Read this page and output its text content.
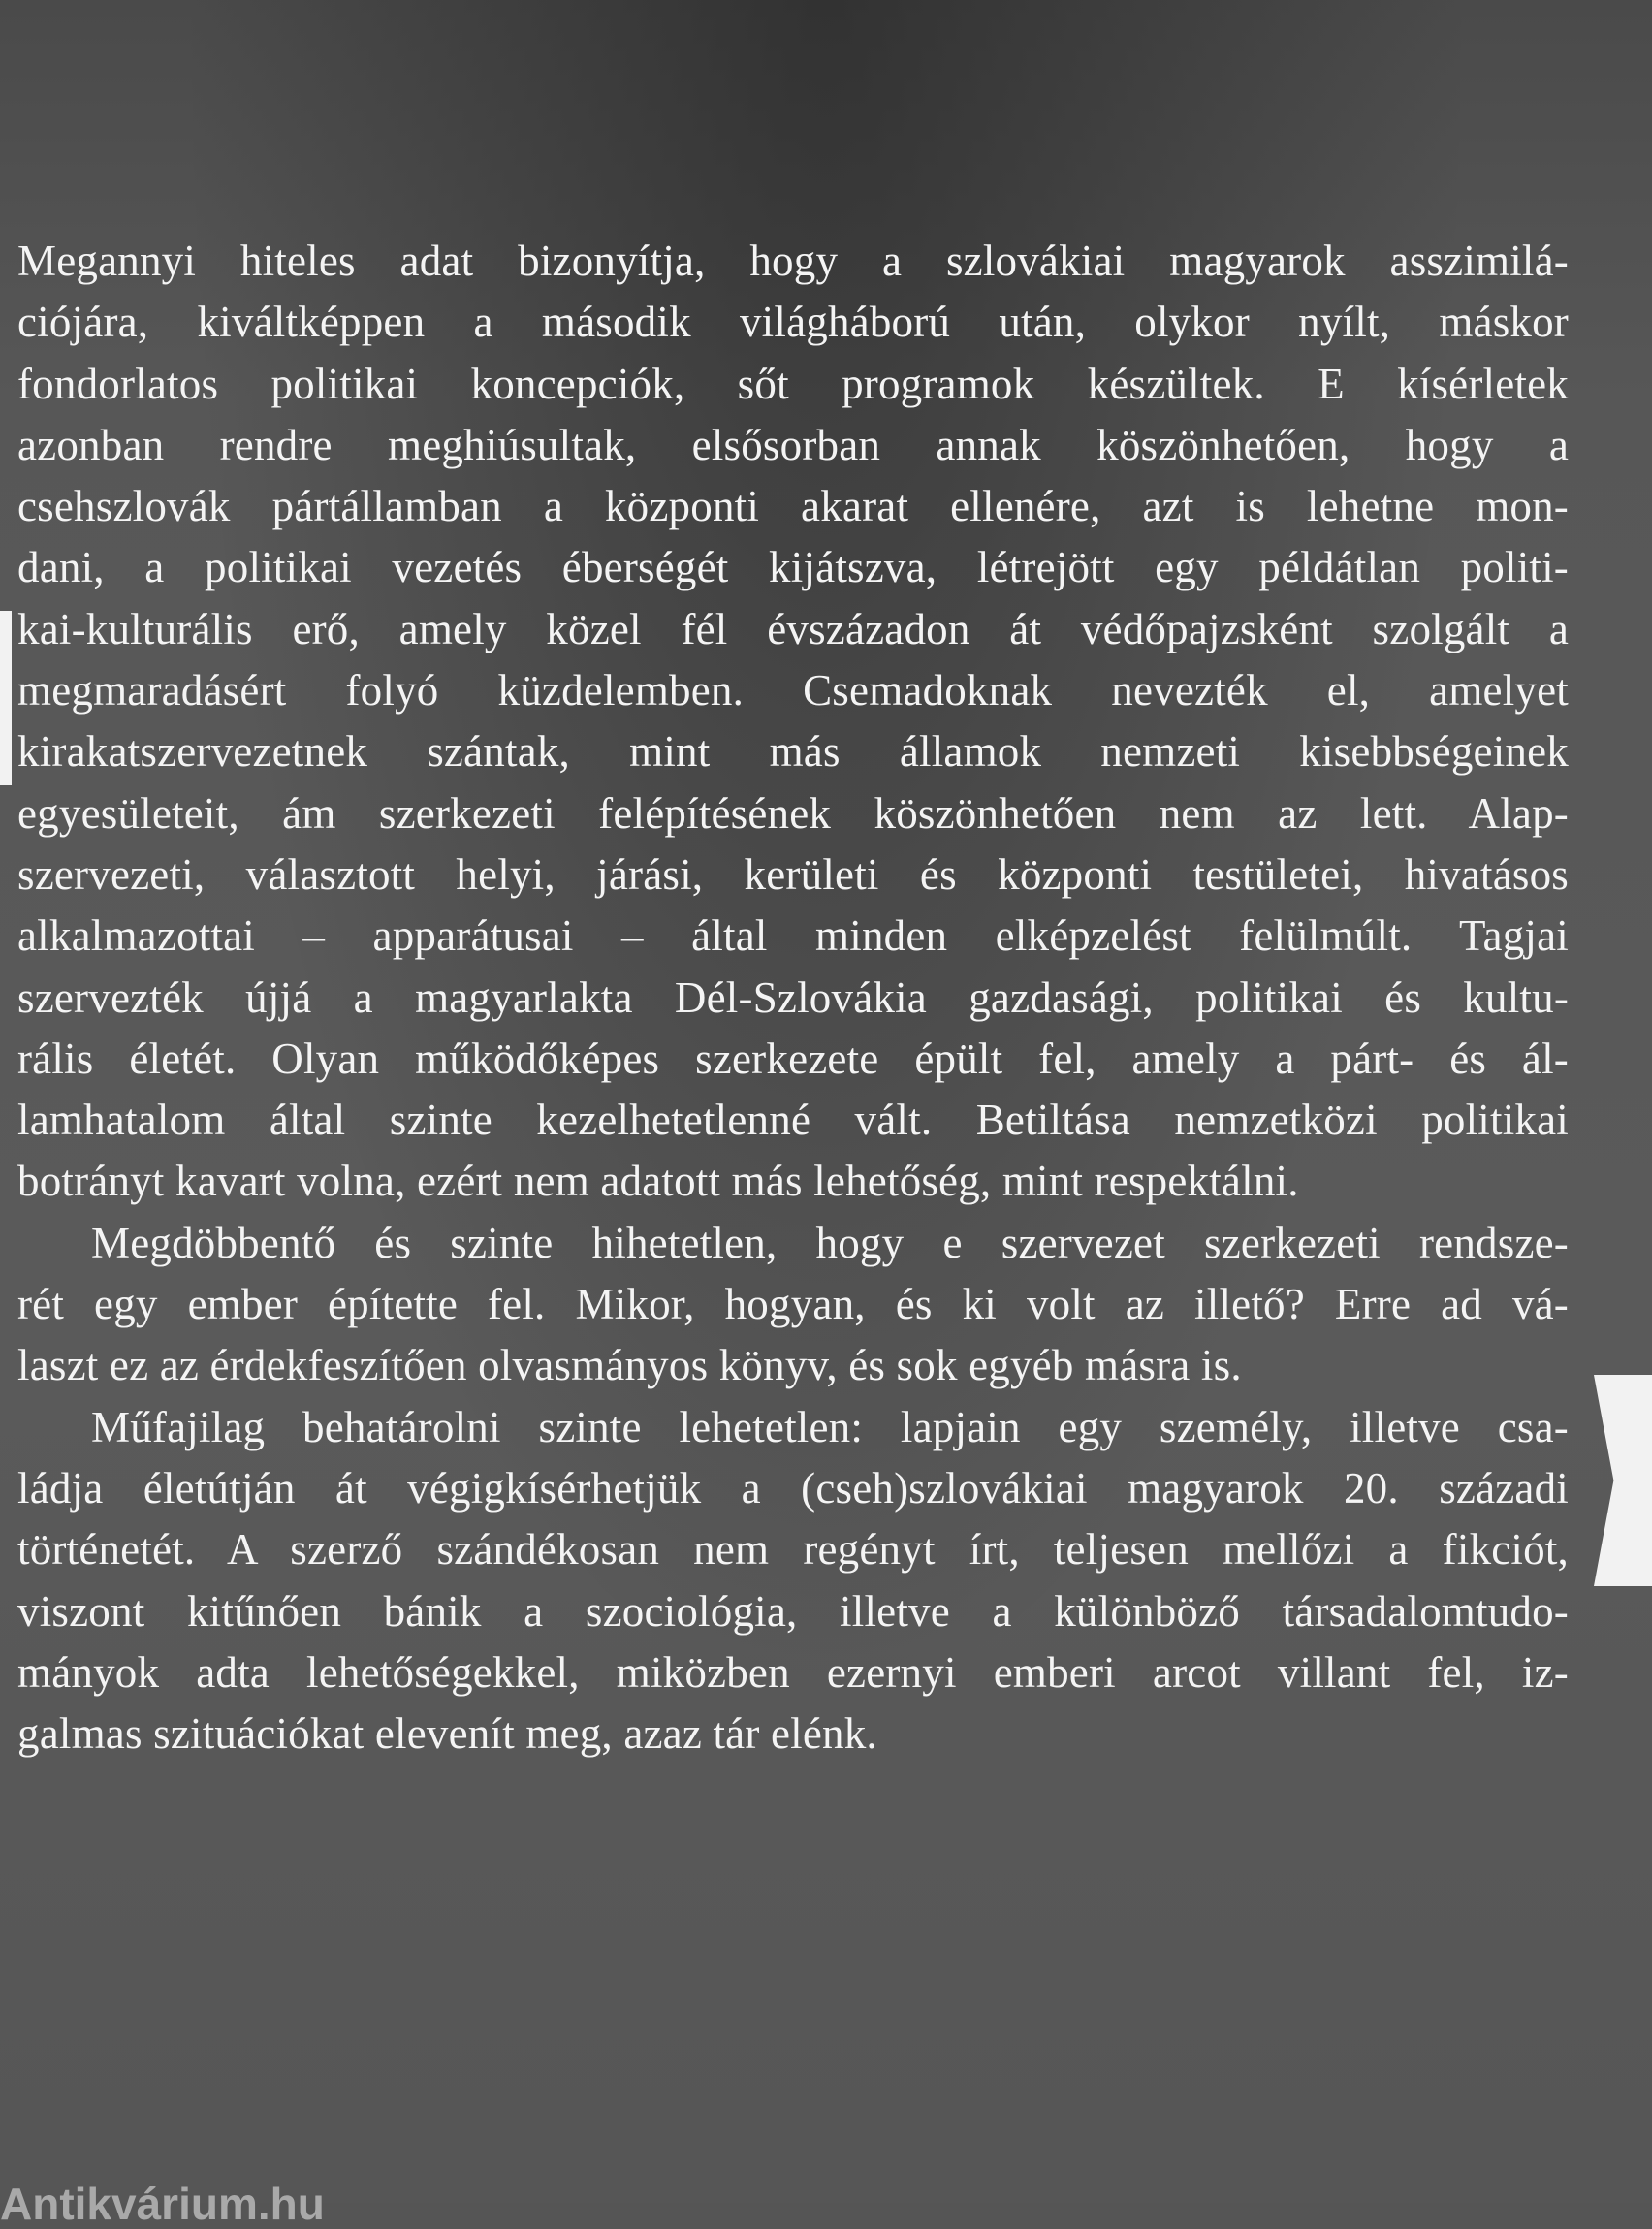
Megannyi hiteles adat bizonyítja, hogy a szlovákiai magyarok asszimilá-
ciójára, kiváltképpen a második világháború után, olykor nyílt, máskor
fondorlatos politikai koncepciók, sőt programok készültek. E kísérletek
azonban rendre meghiúsultak, elsősorban annak köszönhetően, hogy a
csehszlovák pártállamban a központi akarat ellenére, azt is lehetne mon-
dani, a politikai vezetés éberségét kijátszva, létrejött egy példátlan politi-
kai-kulturális erő, amely közel fél évszázadon át védőpajzsként szolgált a
megmaradásért folyó küzdelemben. Csemadoknak nevezték el, amelyet
kirakatszervezetnek szántak, mint más államok nemzeti kisebbségeinek
egyesületeit, ám szerkezeti felépítésének köszönhetően nem az lett. Alap-
szervezeti, választott helyi, járási, kerületi és központi testületei, hivatásos
alkalmazottai – apparátusai – által minden elképzelést felülmúlt. Tagjai
szervezték újjá a magyarlakta Dél-Szlovákia gazdasági, politikai és kultu-
rális életét. Olyan működőképes szerkezete épült fel, amely a párt- és ál-
lamhatalom által szinte kezelhetetlenné vált. Betiltása nemzetközi politikai
botrányt kavart volna, ezért nem adatott más lehetőség, mint respektálni.
Megdöbbentő és szinte hihetetlen, hogy e szervezet szerkezeti rendsze-
rét egy ember építette fel. Mikor, hogyan, és ki volt az illető? Erre ad vá-
laszt ez az érdekfeszítően olvasmányos könyv, és sok egyéb másra is.
Műfajilag behatárolni szinte lehetetlen: lapjain egy személy, illetve csa-
ládja életútján át végigkísérhetjük a (cseh)szlovákiai magyarok 20. századi
történetét. A szerző szándékosan nem regényt írt, teljesen mellőzi a fikciót,
viszont kitűnően bánik a szociológia, illetve a különböző társadalomtudo-
mányok adta lehetőségekkel, miközben ezernyi emberi arcot villant fel, iz-
galmas szituációkat elevenít meg, azaz tár elénk.
Antikvárium.hu
